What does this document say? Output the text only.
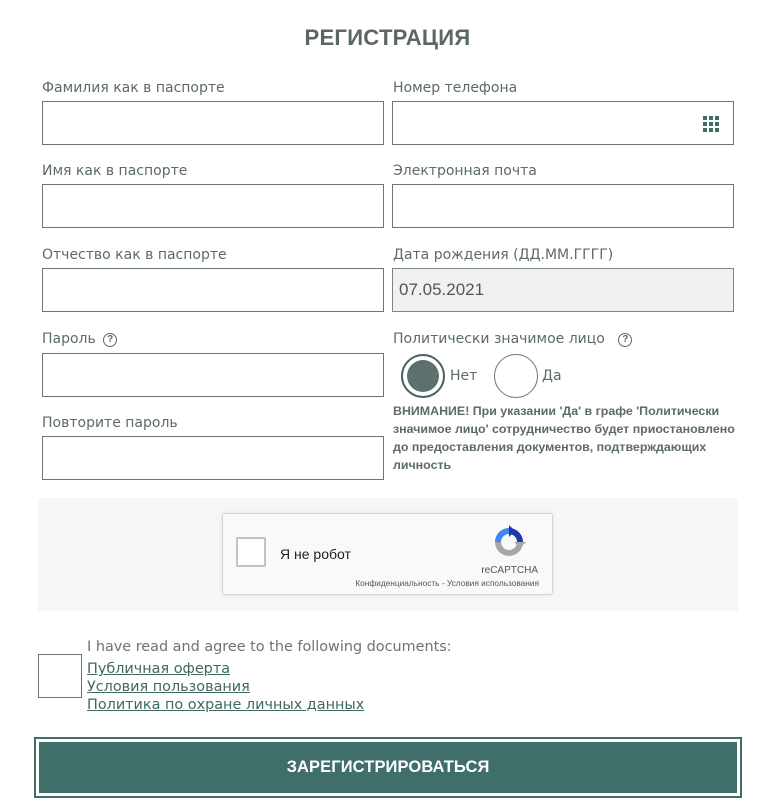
РЕГИСТРАЦИЯ
Фамилия как в паспорте
Имя как в паспорте
Отчество как в паспорте
Пароль ?
Повторите пароль
Номер телефона
Электронная почта
Дата рождения (ДД.ММ.ГГГГ)
07.05.2021
Политически значимое лицо ?
Нет	Да
ВНИМАНИЕ! При указании 'Да' в графе 'Политически значимое лицо' сотрудничество будет приостановлено до предоставления документов, подтверждающих личность
Я не робот
reCAPTCHA
Конфиденциальность - Условия использования
I have read and agree to the following documents:
Публичная оферта
Условия пользования
Политика по охране личных данных
ЗАРЕГИСТРИРОВАТЬСЯ
